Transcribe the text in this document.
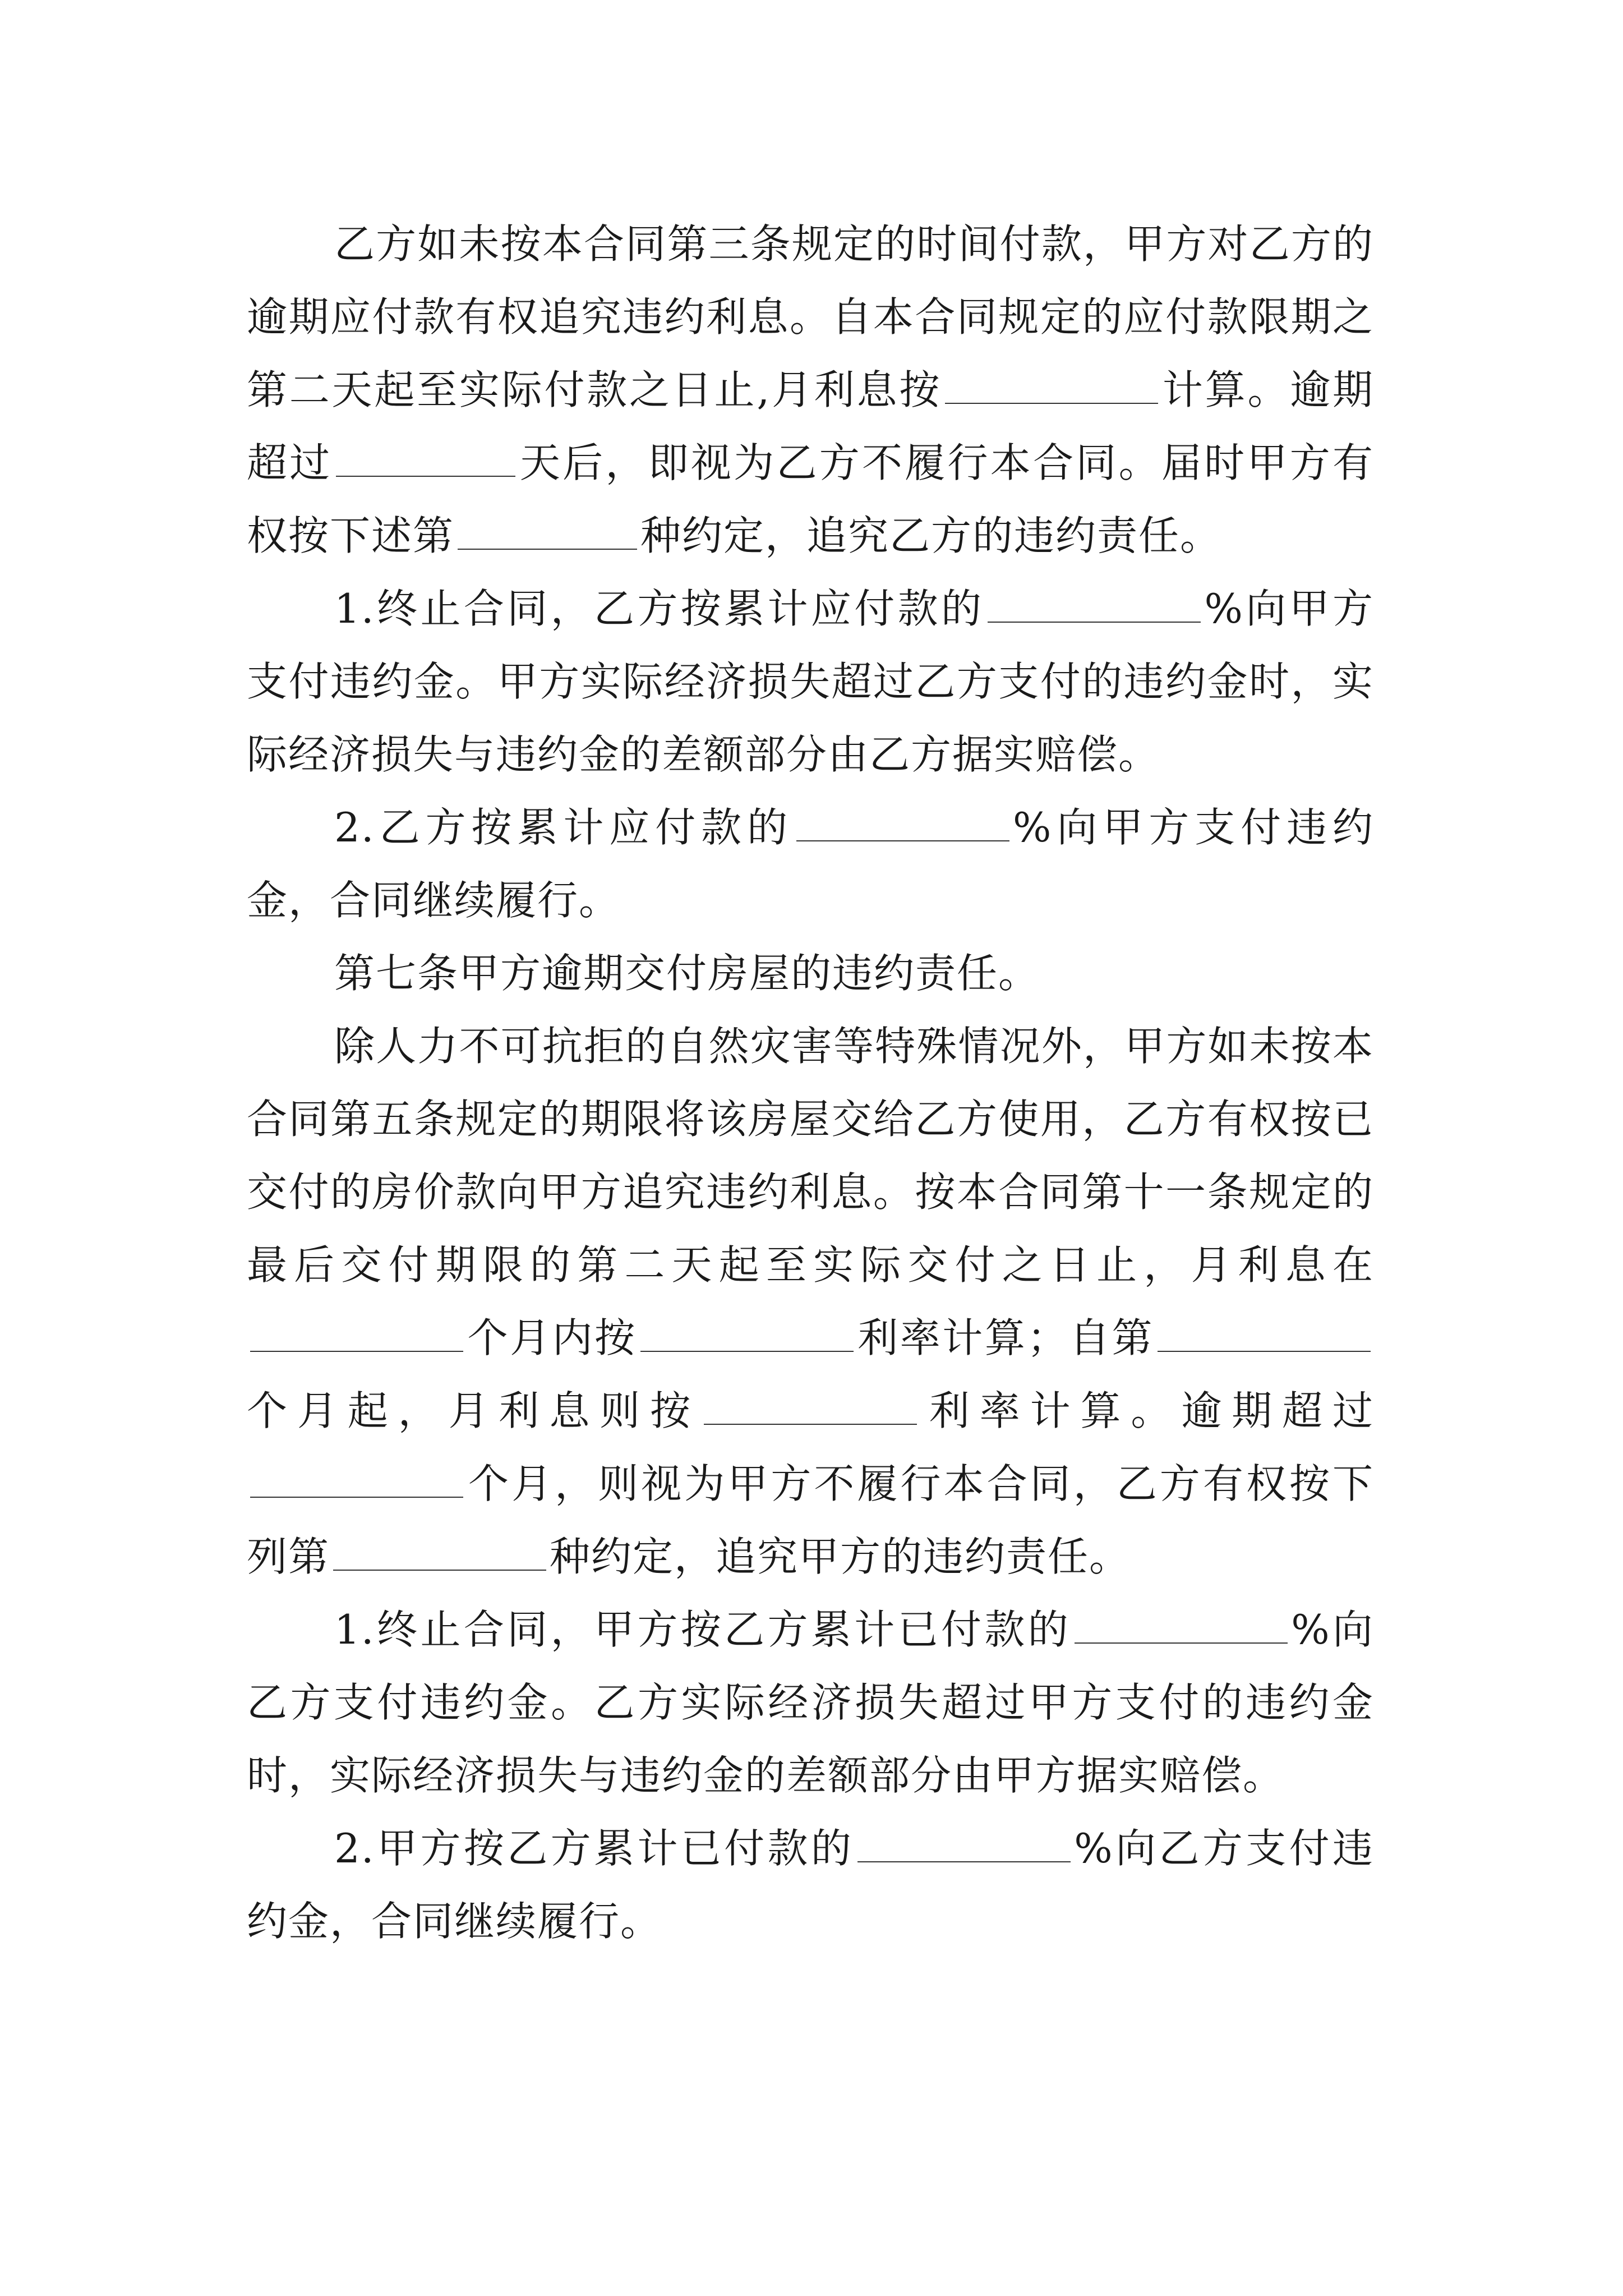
乙方如未按本合同第三条规定的时间付款，甲方对乙方的逾期应付款有权追究违约利息。自本合同规定的应付款限期之第二天起至实际付款之日止,月利息按	计算。逾期超过	天后，即视为乙方不履行本合同。届时甲方有权按下述第	种约定，追究乙方的违约责任。

1.终止合同，乙方按累计应付款的	%向甲方支付违约金。甲方实际经济损失超过乙方支付的违约金时，实际经济损失与违约金的差额部分由乙方据实赔偿。

2.乙方按累计应付款的	%向甲方支付违约金，合同继续履行。

第七条甲方逾期交付房屋的违约责任。

除人力不可抗拒的自然灾害等特殊情况外，甲方如未按本合同第五条规定的期限将该房屋交给乙方使用，乙方有权按已交付的房价款向甲方追究违约利息。按本合同第十一条规定的最后交付期限的第二天起至实际交付之日止，月利息在个月内按	利率计算；自第个月起，月利息则按	利率计算。逾期超过个月，则视为甲方不履行本合同，乙方有权按下列第	种约定，追究甲方的违约责任。

1.终止合同，甲方按乙方累计已付款的	%向乙方支付违约金。乙方实际经济损失超过甲方支付的违约金时，实际经济损失与违约金的差额部分由甲方据实赔偿。

2.甲方按乙方累计已付款的	%向乙方支付违约金，合同继续履行。
